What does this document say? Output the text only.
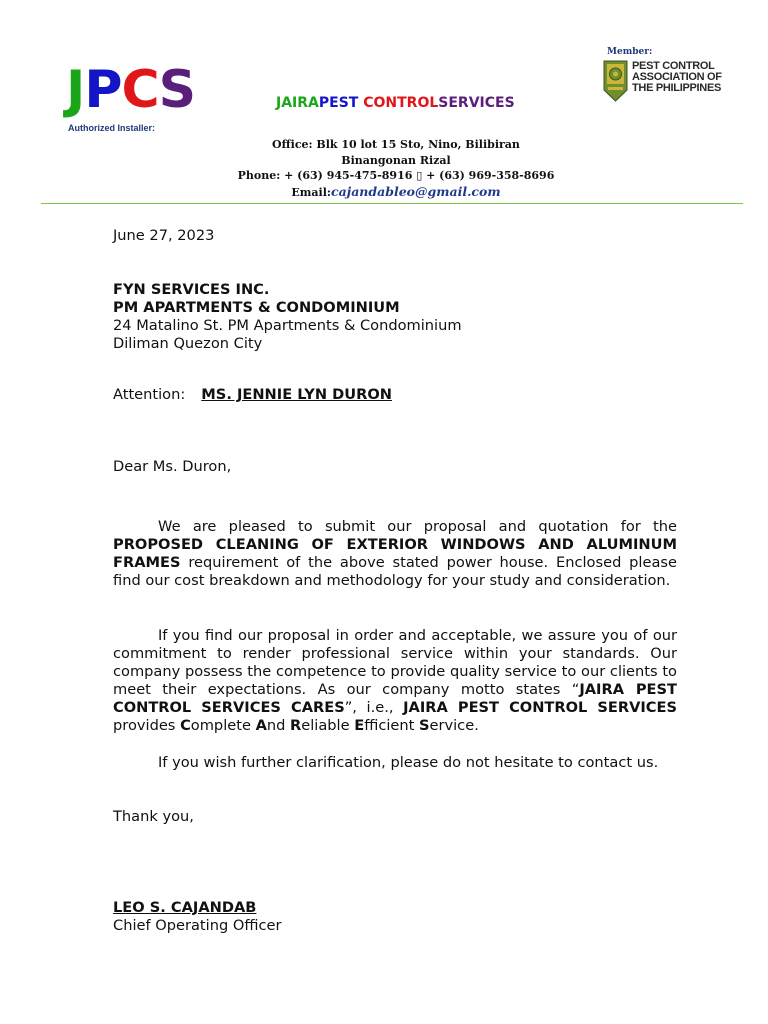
JPCS
Authorized Installer:
JAIRAPEST CONTROLSERVICES
Office: Blk 10 lot 15 Sto, Nino, Bilibiran
Binangonan Rizal
Phone: + (63) 945-475-8916 ▯ + (63) 969-358-8696
Email:cajandableo@gmail.com
Member:
PEST CONTROL
ASSOCIATION OF
THE PHILIPPINES
June 27, 2023
FYN SERVICES INC.
PM APARTMENTS & CONDOMINIUM
24 Matalino St. PM Apartments & Condominium
Diliman Quezon City
Attention: MS. JENNIE LYN DURON
Dear Ms. Duron,
We are pleased to submit our proposal and quotation for the PROPOSED CLEANING OF EXTERIOR WINDOWS AND ALUMINUM FRAMES requirement of the above stated power house. Enclosed please find our cost breakdown and methodology for your study and consideration.
If you find our proposal in order and acceptable, we assure you of our commitment to render professional service within your standards. Our company possess the competence to provide quality service to our clients to meet their expectations. As our company motto states “JAIRA PEST CONTROL SERVICES CARES”, i.e., JAIRA PEST CONTROL SERVICES provides Complete And Reliable Efficient Service.
If you wish further clarification, please do not hesitate to contact us.
Thank you,
LEO S. CAJANDAB
Chief Operating Officer
